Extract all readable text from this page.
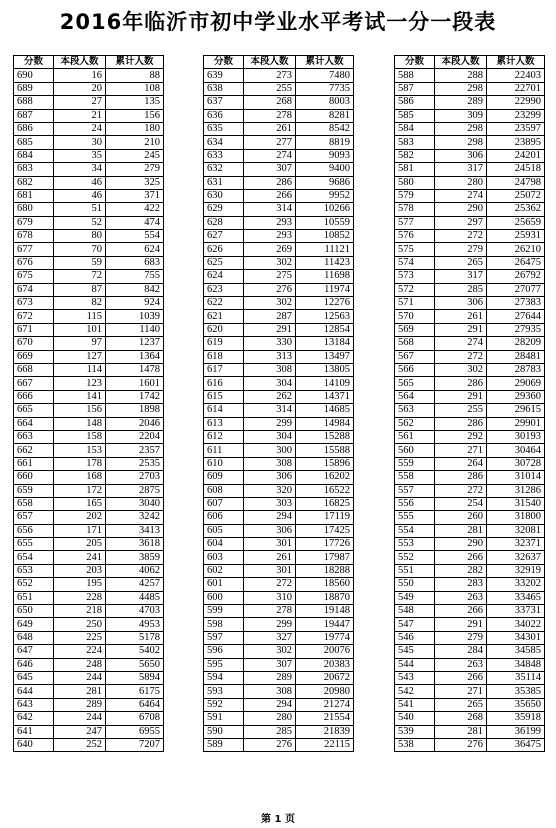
2016年临沂市初中学业水平考试一分一段表
分数	本段人数	累计人数
690	16	88
689	20	108
688	27	135
687	21	156
686	24	180
685	30	210
684	35	245
683	34	279
682	46	325
681	46	371
680	51	422
679	52	474
678	80	554
677	70	624
676	59	683
675	72	755
674	87	842
673	82	924
672	115	1039
671	101	1140
670	97	1237
669	127	1364
668	114	1478
667	123	1601
666	141	1742
665	156	1898
664	148	2046
663	158	2204
662	153	2357
661	178	2535
660	168	2703
659	172	2875
658	165	3040
657	202	3242
656	171	3413
655	205	3618
654	241	3859
653	203	4062
652	195	4257
651	228	4485
650	218	4703
649	250	4953
648	225	5178
647	224	5402
646	248	5650
645	244	5894
644	281	6175
643	289	6464
642	244	6708
641	247	6955
640	252	7207
分数	本段人数	累计人数
639	273	7480
638	255	7735
637	268	8003
636	278	8281
635	261	8542
634	277	8819
633	274	9093
632	307	9400
631	286	9686
630	266	9952
629	314	10266
628	293	10559
627	293	10852
626	269	11121
625	302	11423
624	275	11698
623	276	11974
622	302	12276
621	287	12563
620	291	12854
619	330	13184
618	313	13497
617	308	13805
616	304	14109
615	262	14371
614	314	14685
613	299	14984
612	304	15288
611	300	15588
610	308	15896
609	306	16202
608	320	16522
607	303	16825
606	294	17119
605	306	17425
604	301	17726
603	261	17987
602	301	18288
601	272	18560
600	310	18870
599	278	19148
598	299	19447
597	327	19774
596	302	20076
595	307	20383
594	289	20672
593	308	20980
592	294	21274
591	280	21554
590	285	21839
589	276	22115
分数	本段人数	累计人数
588	288	22403
587	298	22701
586	289	22990
585	309	23299
584	298	23597
583	298	23895
582	306	24201
581	317	24518
580	280	24798
579	274	25072
578	290	25362
577	297	25659
576	272	25931
575	279	26210
574	265	26475
573	317	26792
572	285	27077
571	306	27383
570	261	27644
569	291	27935
568	274	28209
567	272	28481
566	302	28783
565	286	29069
564	291	29360
563	255	29615
562	286	29901
561	292	30193
560	271	30464
559	264	30728
558	286	31014
557	272	31286
556	254	31540
555	260	31800
554	281	32081
553	290	32371
552	266	32637
551	282	32919
550	283	33202
549	263	33465
548	266	33731
547	291	34022
546	279	34301
545	284	34585
544	263	34848
543	266	35114
542	271	35385
541	265	35650
540	268	35918
539	281	36199
538	276	36475
第 1 页
